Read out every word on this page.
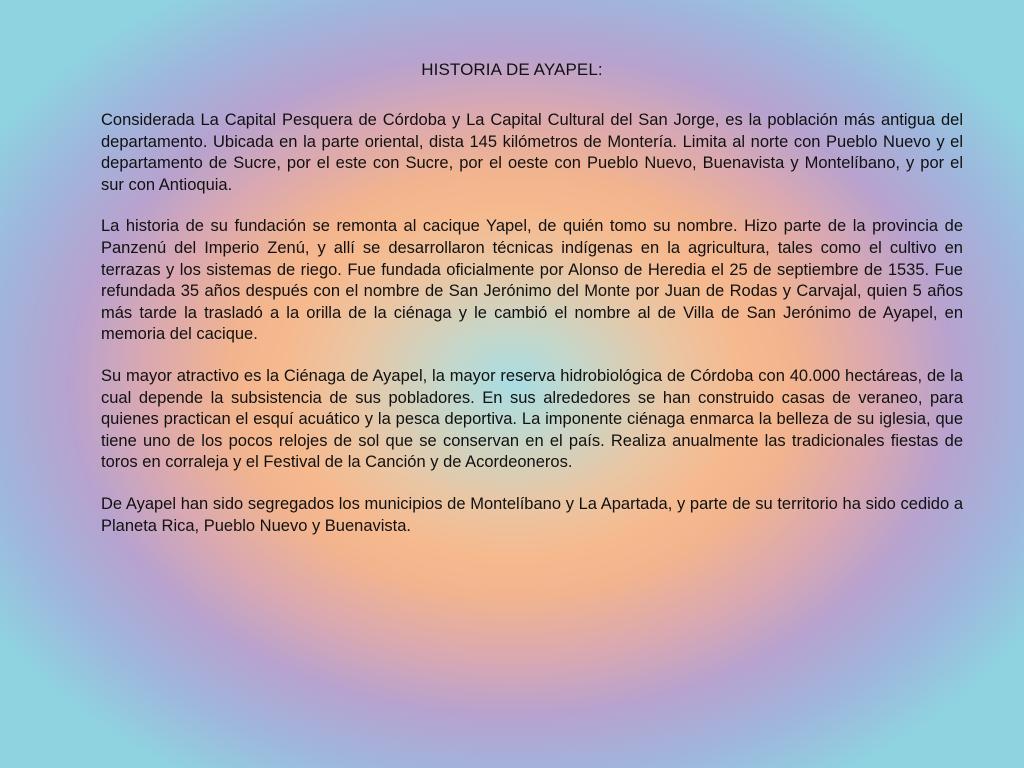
HISTORIA DE AYAPEL:

Considerada La Capital Pesquera de Córdoba y La Capital Cultural del San Jorge, es la población más antigua del departamento. Ubicada en la parte oriental, dista 145 kilómetros de Montería. Limita al norte con Pueblo Nuevo y el departamento de Sucre, por el este con Sucre, por el oeste con Pueblo Nuevo, Buenavista y Montelíbano, y por el sur con Antioquia.

La historia de su fundación se remonta al cacique Yapel, de quién tomo su nombre. Hizo parte de la provincia de Panzenú del Imperio Zenú, y allí se desarrollaron técnicas indígenas en la agricultura, tales como el cultivo en terrazas y los sistemas de riego. Fue fundada oficialmente por Alonso de Heredia el 25 de septiembre de 1535. Fue refundada 35 años después con el nombre de San Jerónimo del Monte por Juan de Rodas y Carvajal, quien 5 años más tarde la trasladó a la orilla de la ciénaga y le cambió el nombre al de Villa de San Jerónimo de Ayapel, en memoria del cacique.

Su mayor atractivo es la Ciénaga de Ayapel, la mayor reserva hidrobiológica de Córdoba con 40.000 hectáreas, de la cual depende la subsistencia de sus pobladores. En sus alrededores se han construido casas de veraneo, para quienes practican el esquí acuático y la pesca deportiva. La imponente ciénaga enmarca la belleza de su iglesia, que tiene uno de los pocos relojes de sol que se conservan en el país. Realiza anualmente las tradicionales fiestas de toros en corraleja y el Festival de la Canción y de Acordeoneros.

De Ayapel han sido segregados los municipios de Montelíbano y La Apartada, y parte de su territorio ha sido cedido a Planeta Rica, Pueblo Nuevo y Buenavista.
